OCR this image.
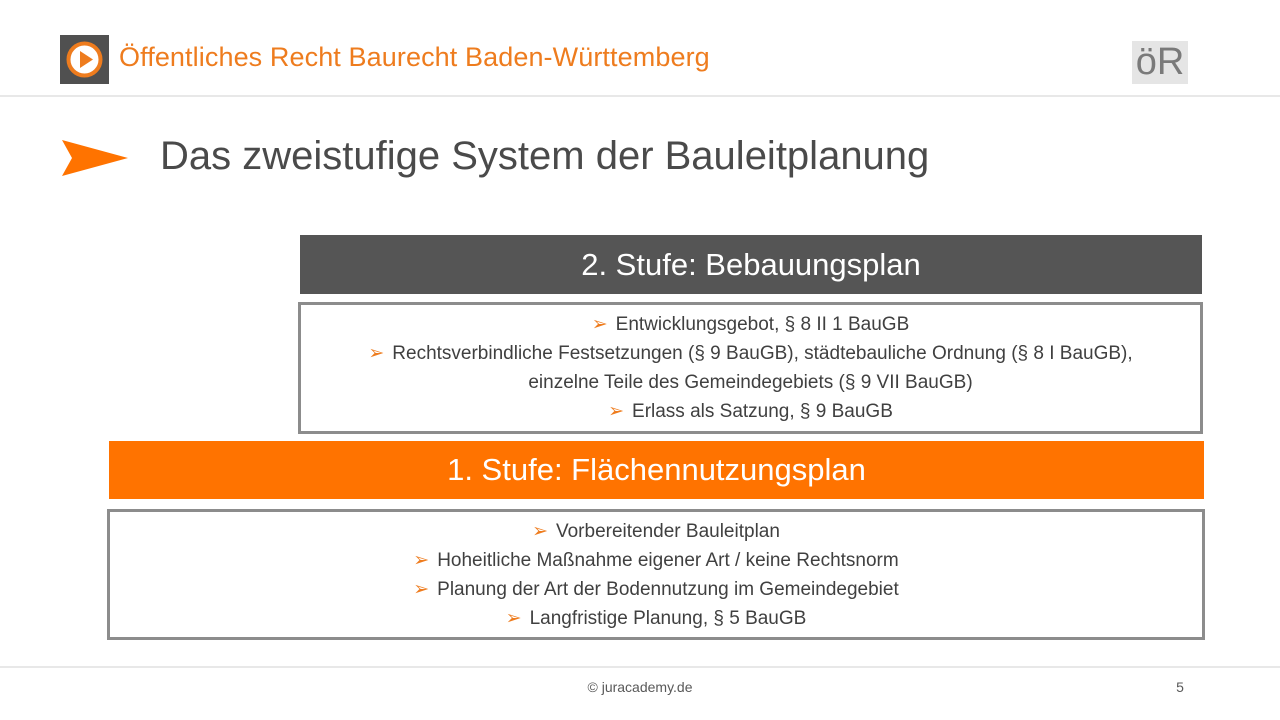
Öffentliches Recht Baurecht Baden-Württemberg	öR
Das zweistufige System der Bauleitplanung
2. Stufe: Bebauungsplan
➢ Entwicklungsgebot, § 8 II 1 BauGB
➢ Rechtsverbindliche Festsetzungen (§ 9 BauGB), städtebauliche Ordnung (§ 8 I BauGB),
einzelne Teile des Gemeindegebiets (§ 9 VII BauGB)
➢ Erlass als Satzung, § 9 BauGB
1. Stufe: Flächennutzungsplan
➢ Vorbereitender Bauleitplan
➢ Hoheitliche Maßnahme eigener Art / keine Rechtsnorm
➢ Planung der Art der Bodennutzung im Gemeindegebiet
➢ Langfristige Planung, § 5 BauGB
© juracademy.de	5
